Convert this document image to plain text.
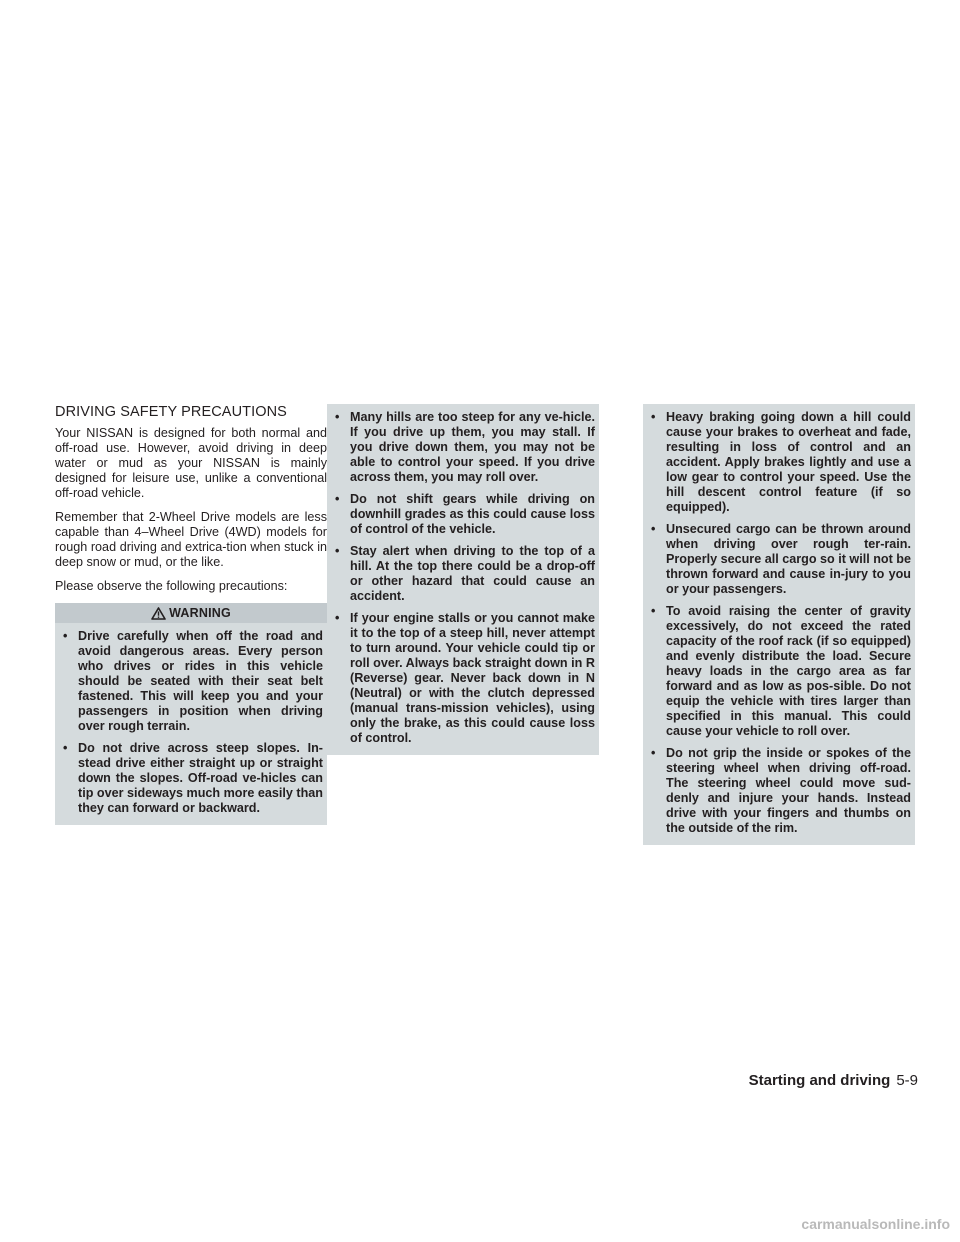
DRIVING SAFETY PRECAUTIONS

Your NISSAN is designed for both normal and off-road use. However, avoid driving in deep water or mud as your NISSAN is mainly designed for leisure use, unlike a conventional off-road vehicle.

Remember that 2-Wheel Drive models are less capable than 4–Wheel Drive (4WD) models for rough road driving and extrica-tion when stuck in deep snow or mud, or the like.

Please observe the following precautions:

WARNING
• Drive carefully when off the road and avoid dangerous areas. Every person who drives or rides in this vehicle should be seated with their seat belt fastened. This will keep you and your passengers in position when driving over rough terrain.
• Do not drive across steep slopes. In-stead drive either straight up or straight down the slopes. Off-road ve-hicles can tip over sideways much more easily than they can forward or backward.
• Many hills are too steep for any ve-hicle. If you drive up them, you may stall. If you drive down them, you may not be able to control your speed. If you drive across them, you may roll over.
• Do not shift gears while driving on downhill grades as this could cause loss of control of the vehicle.
• Stay alert when driving to the top of a hill. At the top there could be a drop-off or other hazard that could cause an accident.
• If your engine stalls or you cannot make it to the top of a steep hill, never attempt to turn around. Your vehicle could tip or roll over. Always back straight down in R (Reverse) gear. Never back down in N (Neutral) or with the clutch depressed (manual trans-mission vehicles), using only the brake, as this could cause loss of control.
• Heavy braking going down a hill could cause your brakes to overheat and fade, resulting in loss of control and an accident. Apply brakes lightly and use a low gear to control your speed. Use the hill descent control feature (if so equipped).
• Unsecured cargo can be thrown around when driving over rough ter-rain. Properly secure all cargo so it will not be thrown forward and cause in-jury to you or your passengers.
• To avoid raising the center of gravity excessively, do not exceed the rated capacity of the roof rack (if so equipped) and evenly distribute the load. Secure heavy loads in the cargo area as far forward and as low as pos-sible. Do not equip the vehicle with tires larger than specified in this manual. This could cause your vehicle to roll over.
• Do not grip the inside or spokes of the steering wheel when driving off-road. The steering wheel could move sud-denly and injure your hands. Instead drive with your fingers and thumbs on the outside of the rim.
Starting and driving 5-9
carmanualsonline.info
